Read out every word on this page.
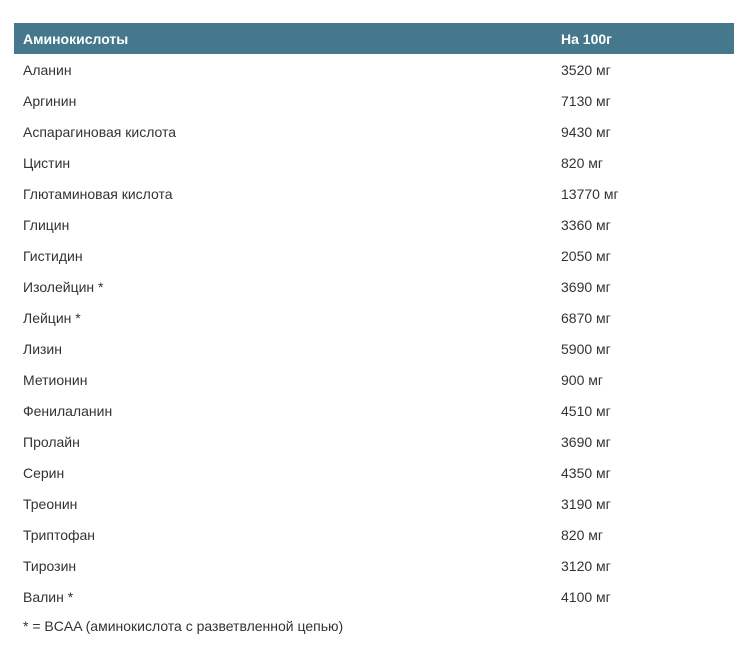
Аминокислоты	На 100г
Аланин	3520 мг
Аргинин	7130 мг
Аспарагиновая кислота	9430 мг
Цистин	820 мг
Глютаминовая кислота	13770 мг
Глицин	3360 мг
Гистидин	2050 мг
Изолейцин *	3690 мг
Лейцин *	6870 мг
Лизин	5900 мг
Метионин	900 мг
Фенилаланин	4510 мг
Пролайн	3690 мг
Серин	4350 мг
Треонин	3190 мг
Триптофан	820 мг
Тирозин	3120 мг
Валин *	4100 мг
* = BCAA (аминокислота с разветвленной цепью)
